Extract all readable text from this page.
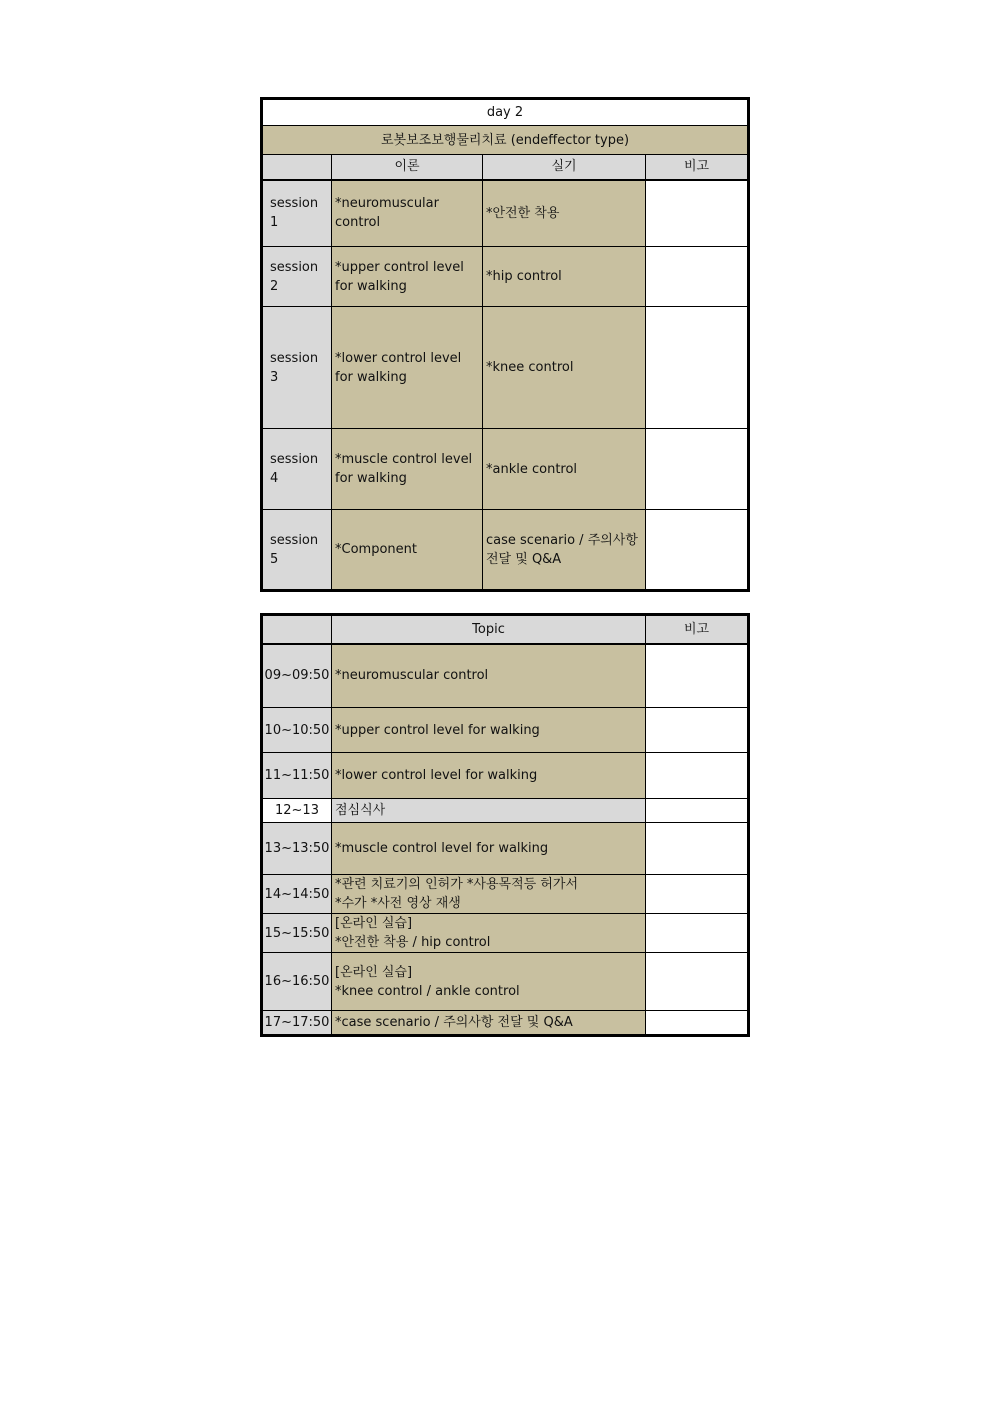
day 2			
로봇보조보행물리치료 (endeffector type)			
	이론	실기	비고
session 1	*neuromuscular control	*안전한 착용	
session 2	*upper control level for walking	*hip control	
session 3	*lower control level for walking	*knee control	
session 4	*muscle control level for walking	*ankle control	
session 5	*Component	case scenario / 주의사항 전달 및 Q&A	
	Topic	비고
09~09:50	*neuromuscular control	

10~10:50	*upper control level for walking	

11~11:50	*lower control level for walking	

12~13	점심식사	

13~13:50	*muscle control level for walking	

14~14:50	*관련 치료기의 인허가 *사용목적등 허가서
*수가 *사전 영상 재생	

15~15:50	[온라인 실습]
*안전한 착용 / hip control	

16~16:50	[온라인 실습]
*knee control / ankle control	

17~17:50	*case scenario / 주의사항 전달 및 Q&A	
